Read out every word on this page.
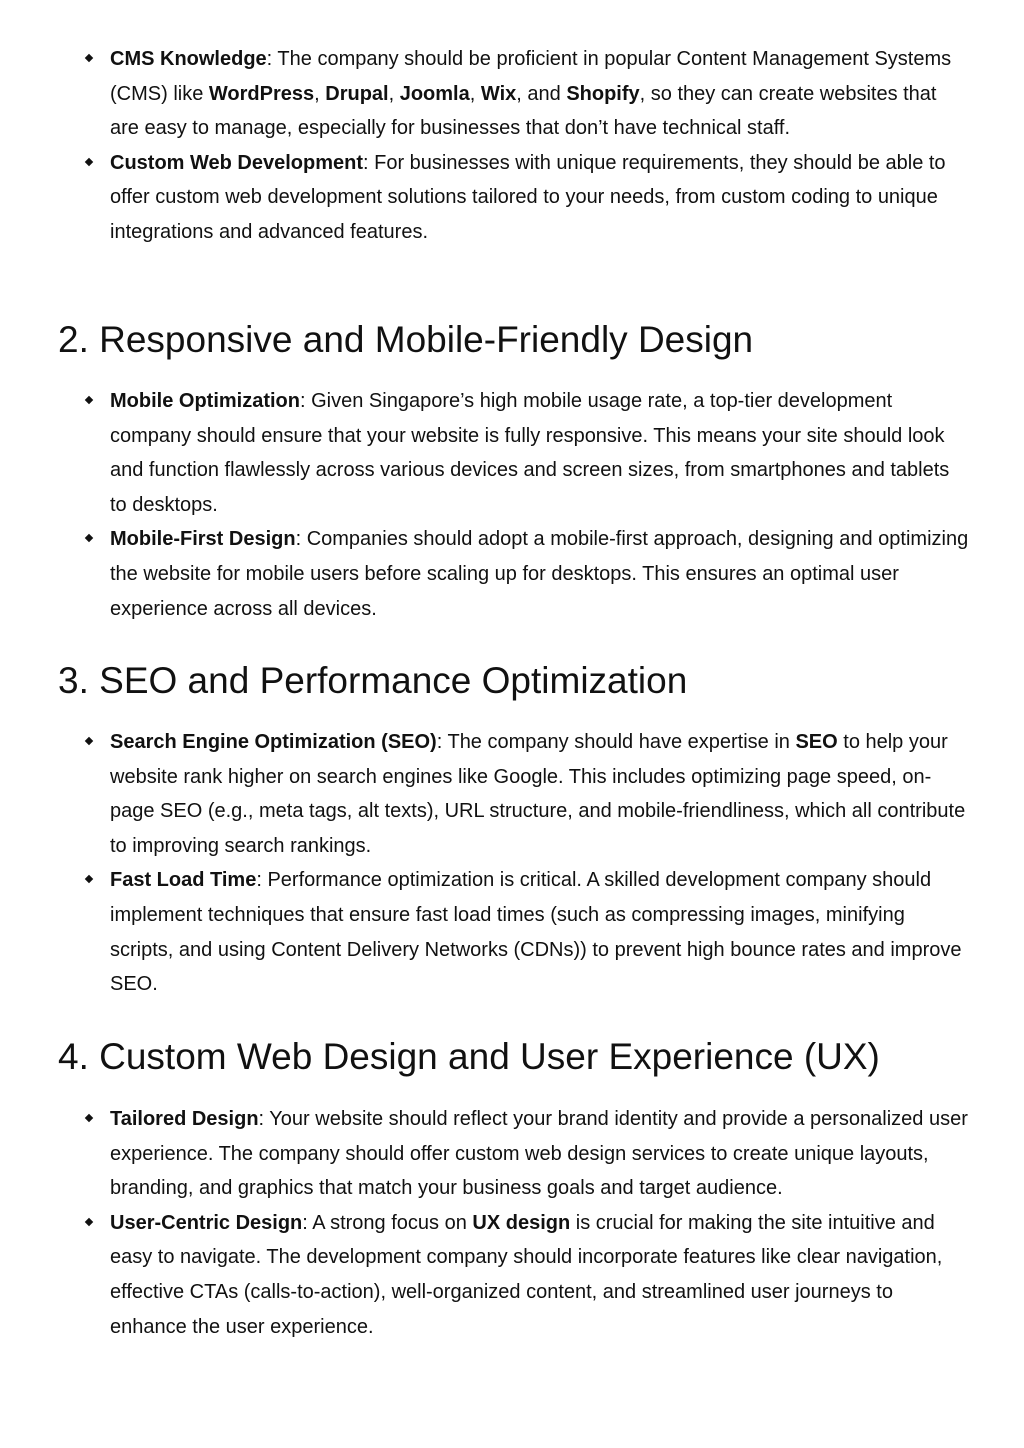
CMS Knowledge: The company should be proficient in popular Content Management Systems (CMS) like WordPress, Drupal, Joomla, Wix, and Shopify, so they can create websites that are easy to manage, especially for businesses that don’t have technical staff.
Custom Web Development: For businesses with unique requirements, they should be able to offer custom web development solutions tailored to your needs, from custom coding to unique integrations and advanced features.
2. Responsive and Mobile-Friendly Design
Mobile Optimization: Given Singapore’s high mobile usage rate, a top-tier development company should ensure that your website is fully responsive. This means your site should look and function flawlessly across various devices and screen sizes, from smartphones and tablets to desktops.
Mobile-First Design: Companies should adopt a mobile-first approach, designing and optimizing the website for mobile users before scaling up for desktops. This ensures an optimal user experience across all devices.
3. SEO and Performance Optimization
Search Engine Optimization (SEO): The company should have expertise in SEO to help your website rank higher on search engines like Google. This includes optimizing page speed, on-page SEO (e.g., meta tags, alt texts), URL structure, and mobile-friendliness, which all contribute to improving search rankings.
Fast Load Time: Performance optimization is critical. A skilled development company should implement techniques that ensure fast load times (such as compressing images, minifying scripts, and using Content Delivery Networks (CDNs)) to prevent high bounce rates and improve SEO.
4. Custom Web Design and User Experience (UX)
Tailored Design: Your website should reflect your brand identity and provide a personalized user experience. The company should offer custom web design services to create unique layouts, branding, and graphics that match your business goals and target audience.
User-Centric Design: A strong focus on UX design is crucial for making the site intuitive and easy to navigate. The development company should incorporate features like clear navigation, effective CTAs (calls-to-action), well-organized content, and streamlined user journeys to enhance the user experience.
